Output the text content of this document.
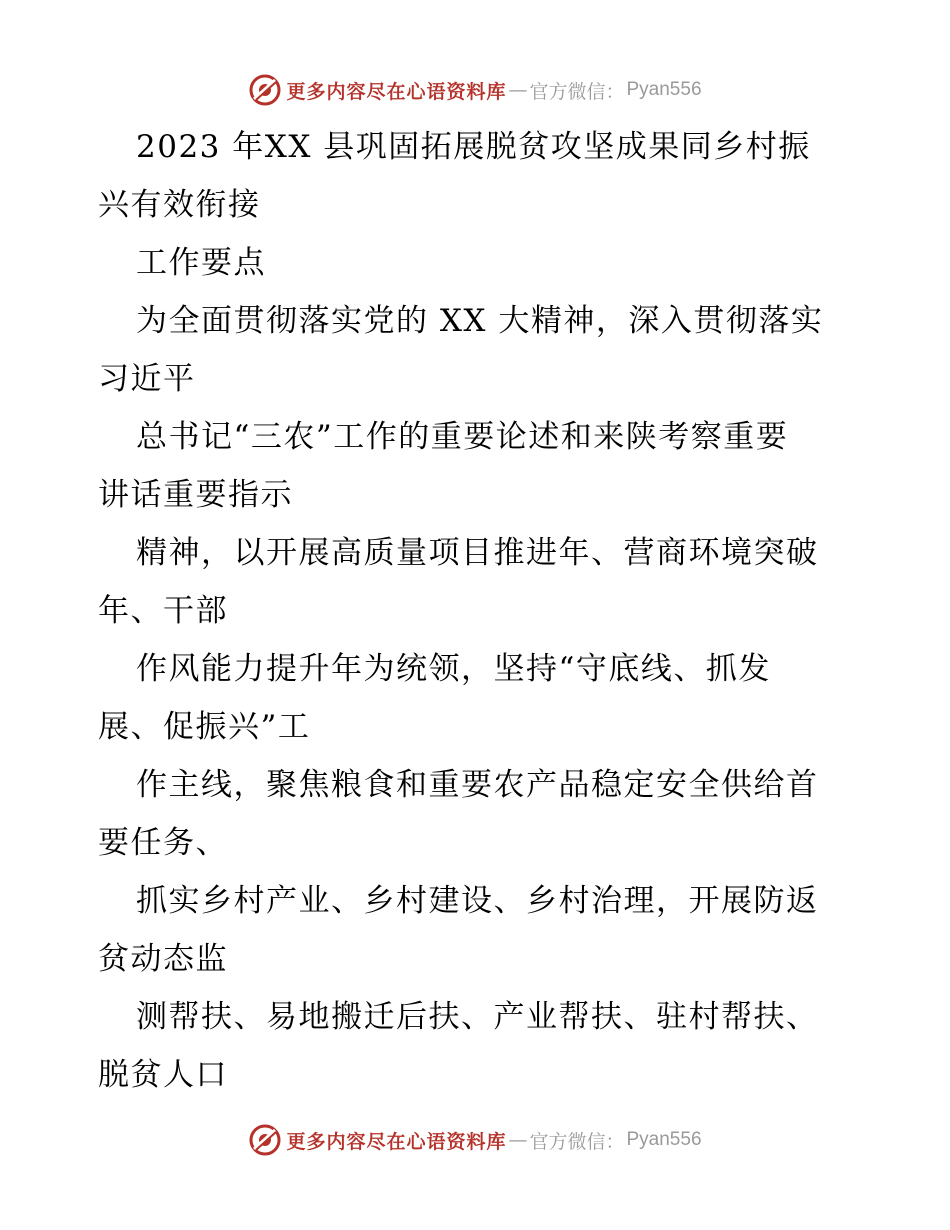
更多内容尽在心语资料库 — 官方微信： Pyan556
2023 年XX 县巩固拓展脱贫攻坚成果同乡村振
兴有效衔接
工作要点
为全面贯彻落实党的 XX 大精神，深入贯彻落实
习近平
总书记“三农”工作的重要论述和来陕考察重要
讲话重要指示
精神，以开展高质量项目推进年、营商环境突破
年、干部
作风能力提升年为统领，坚持“守底线、抓发
展、促振兴”工
作主线，聚焦粮食和重要农产品稳定安全供给首
要任务、
抓实乡村产业、乡村建设、乡村治理，开展防返
贫动态监
测帮扶、易地搬迁后扶、产业帮扶、驻村帮扶、
脱贫人口
更多内容尽在心语资料库 — 官方微信： Pyan556
